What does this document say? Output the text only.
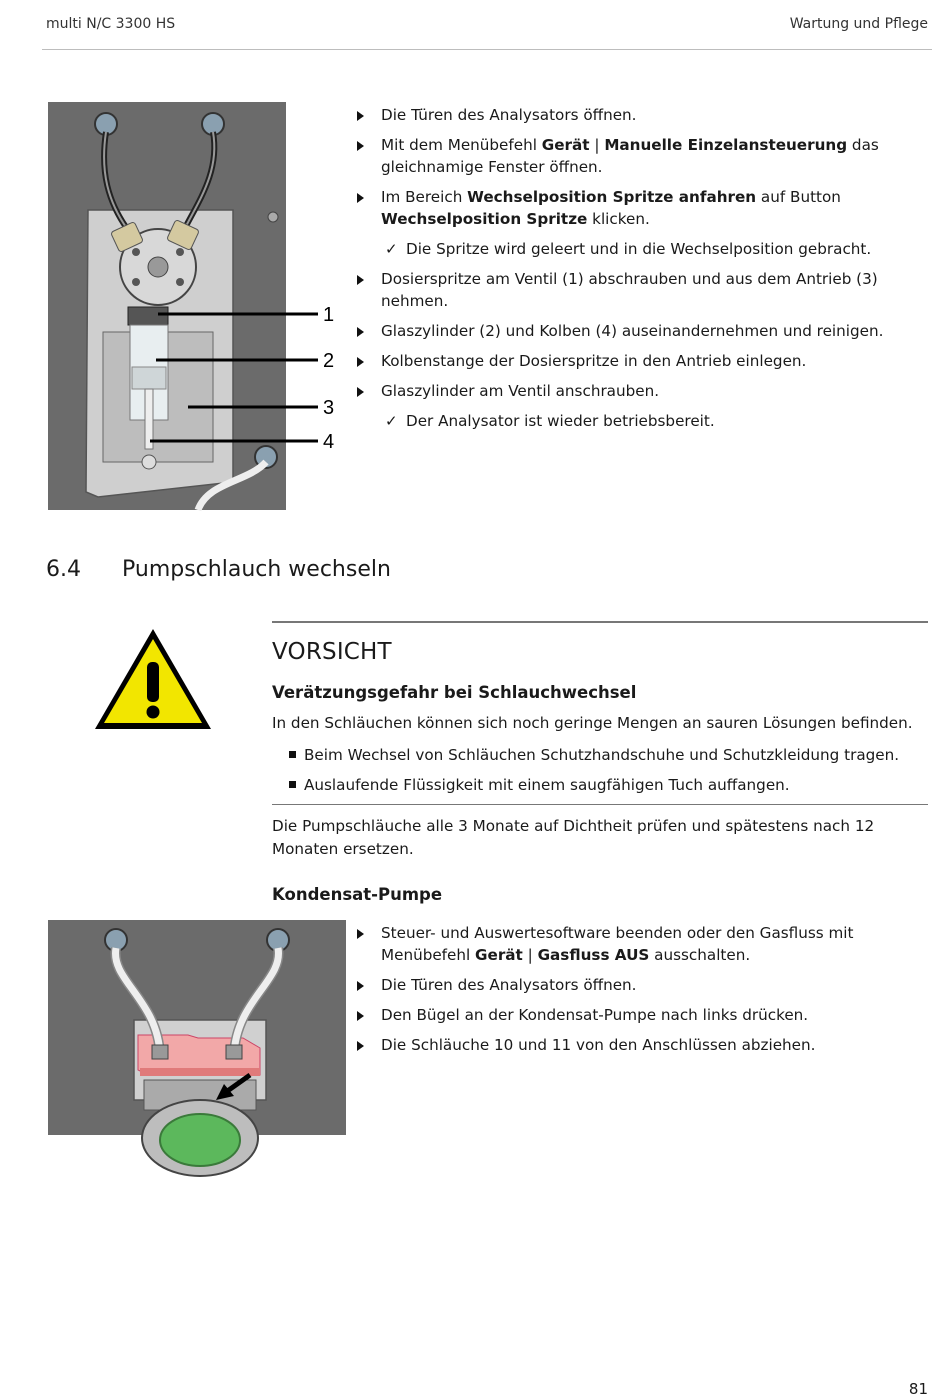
multi N/C 3300 HS	Wartung und Pflege
1
2
3
4
Die Türen des Analysators öffnen.
Mit dem Menübefehl Gerät | Manuelle Einzelansteuerung das gleichnamige Fenster öffnen.
Im Bereich Wechselposition Spritze anfahren auf Button Wechselposition Spritze klicken.
✓ Die Spritze wird geleert und in die Wechselposition gebracht.
Dosierspritze am Ventil (1) abschrauben und aus dem Antrieb (3) nehmen.
Glaszylinder (2) und Kolben (4) auseinandernehmen und reinigen.
Kolbenstange der Dosierspritze in den Antrieb einlegen.
Glaszylinder am Ventil anschrauben.
✓ Der Analysator ist wieder betriebsbereit.
6.4 Pumpschlauch wechseln
VORSICHT
Verätzungsgefahr bei Schlauchwechsel
In den Schläuchen können sich noch geringe Mengen an sauren Lösungen befinden.
Beim Wechsel von Schläuchen Schutzhandschuhe und Schutzkleidung tragen.
Auslaufende Flüssigkeit mit einem saugfähigen Tuch auffangen.
Die Pumpschläuche alle 3 Monate auf Dichtheit prüfen und spätestens nach 12 Monaten ersetzen.
Kondensat-Pumpe
Steuer- und Auswertesoftware beenden oder den Gasfluss mit Menübefehl Gerät | Gasfluss AUS ausschalten.
Die Türen des Analysators öffnen.
Den Bügel an der Kondensat-Pumpe nach links drücken.
Die Schläuche 10 und 11 von den Anschlüssen abziehen.
81
